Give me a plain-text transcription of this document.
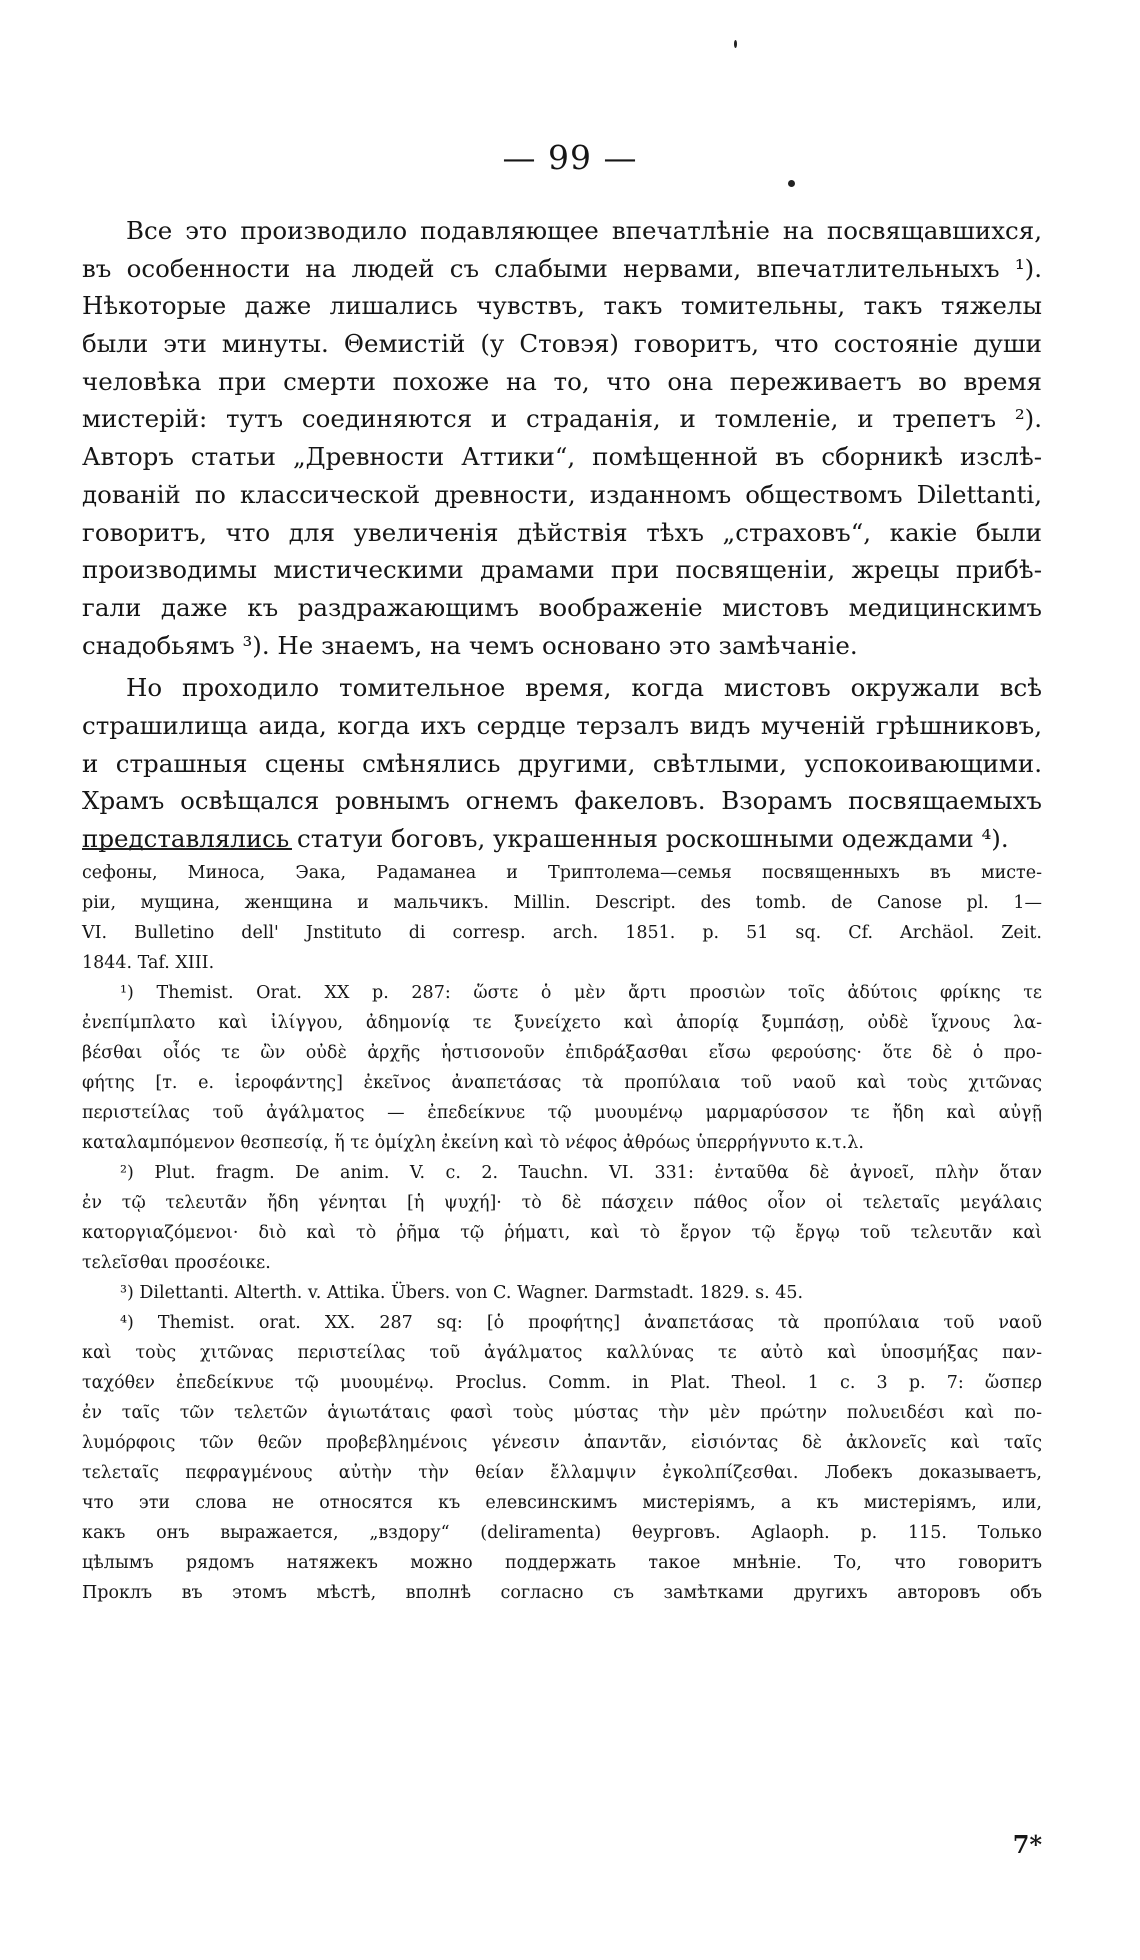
— 99 —
Все это производило подавляющее впечатлѣніе на посвящавшихся,
въ особенности на людей съ слабыми нервами, впечатлительныхъ ¹).
Нѣкоторые даже лишались чувствъ, такъ томительны, такъ тяжелы
были эти минуты. Θемистій (у Стовэя) говоритъ, что состояніе души
человѣка при смерти похоже на то, что она переживаетъ во время
мистерій: тутъ соединяются и страданія, и томленіе, и трепетъ ²).
Авторъ статьи „Древности Аттики“, помѣщенной въ сборникѣ изслѣ-
дованій по классической древности, изданномъ обществомъ Dilettanti,
говоритъ, что для увеличенія дѣйствія тѣхъ „страховъ“, какіе были
производимы мистическими драмами при посвященіи, жрецы прибѣ-
гали даже къ раздражающимъ воображеніе мистовъ медицинскимъ
снадобьямъ ³). Не знаемъ, на чемъ основано это замѣчаніе.
Но проходило томительное время, когда мистовъ окружали всѣ
страшилища аида, когда ихъ сердце терзалъ видъ мученій грѣшниковъ,
и страшныя сцены смѣнялись другими, свѣтлыми, успокоивающими.
Храмъ освѣщался ровнымъ огнемъ факеловъ. Взорамъ посвящаемыхъ
представлялись статуи боговъ, украшенныя роскошными одеждами ⁴).
сефоны, Миноса, Эака, Радаманеа и Триптолема—семья посвященныхъ въ мисте-
ріи, мущина, женщина и мальчикъ. Millin. Descript. des tomb. de Canose pl. 1—
VI. Bulletino dell' Jnstituto di corresp. arch. 1851. p. 51 sq. Cf. Archäol. Zeit.
1844. Taf. XIII.
¹) Themist. Orat. XX p. 287: ὥστε ὁ μὲν ἄρτι προσιὼν τοῖς ἀδύτοις φρίκης τε
ἐνεπίμπλατο καὶ ἰλίγγου, ἀδημονίᾳ τε ξυνείχετο καὶ ἀπορίᾳ ξυμπάσῃ, οὐδὲ ἴχνους λα-
βέσθαι οἷός τε ὢν οὐδὲ ἀρχῆς ἡστισονοῦν ἐπιδράξασθαι εἴσω φερούσης· ὅτε δὲ ὁ προ-
φήτης [т. е. ἱεροφάντης] ἐκεῖνος ἀναπετάσας τὰ προπύλαια τοῦ ναοῦ καὶ τοὺς χιτῶνας
περιστείλας τοῦ ἀγάλματος — ἐπεδείκνυε τῷ μυουμένῳ μαρμαρύσσον τε ἤδη καὶ αὐγῇ
καταλαμπόμενον θεσπεσίᾳ, ἥ τε ὁμίχλη ἐκείνη καὶ τὸ νέφος ἀθρόως ὑπερρήγνυτο κ.τ.λ.
²) Plut. fragm. De anim. V. c. 2. Tauchn. VI. 331: ἐνταῦθα δὲ ἀγνοεῖ, πλὴν ὅταν
ἐν τῷ τελευτᾶν ἤδη γένηται [ἡ ψυχή]· τὸ δὲ πάσχειν πάθος οἷον οἱ τελεταῖς μεγάλαις
κατοργιαζόμενοι· διὸ καὶ τὸ ῥῆμα τῷ ῥήματι, καὶ τὸ ἔργον τῷ ἔργῳ τοῦ τελευτᾶν καὶ
τελεῖσθαι προσέοικε.
³) Dilettanti. Alterth. v. Attika. Übers. von C. Wagner. Darmstadt. 1829. s. 45.
⁴) Themist. orat. XX. 287 sq: [ὁ προφήτης] ἀναπετάσας τὰ προπύλαια τοῦ ναοῦ
καὶ τοὺς χιτῶνας περιστείλας τοῦ ἀγάλματος καλλύνας τε αὐτὸ καὶ ὑποσμήξας παν-
ταχόθεν ἐπεδείκνυε τῷ μυουμένῳ. Proclus. Comm. in Plat. Theol. 1 c. 3 p. 7: ὥσπερ
ἐν ταῖς τῶν τελετῶν ἁγιωτάταις φασὶ τοὺς μύστας τὴν μὲν πρώτην πολυειδέσι καὶ πο-
λυμόρφοις τῶν θεῶν προβεβλημένοις γένεσιν ἀπαντᾶν, εἰσιόντας δὲ ἀκλονεῖς καὶ ταῖς
τελεταῖς πεφραγμένους αὐτὴν τὴν θείαν ἔλλαμψιν ἐγκολπίζεσθαι. Лобекъ доказываетъ,
что эти слова не относятся къ елевсинскимъ мистеріямъ, а къ мистеріямъ, или,
какъ онъ выражается, „вздору“ (deliramenta) θеурговъ. Aglaoph. p. 115. Только
цѣлымъ рядомъ натяжекъ можно поддержать такое мнѣніе. То, что говоритъ
Проклъ въ этомъ мѣстѣ, вполнѣ согласно съ замѣтками другихъ авторовъ объ
7*
